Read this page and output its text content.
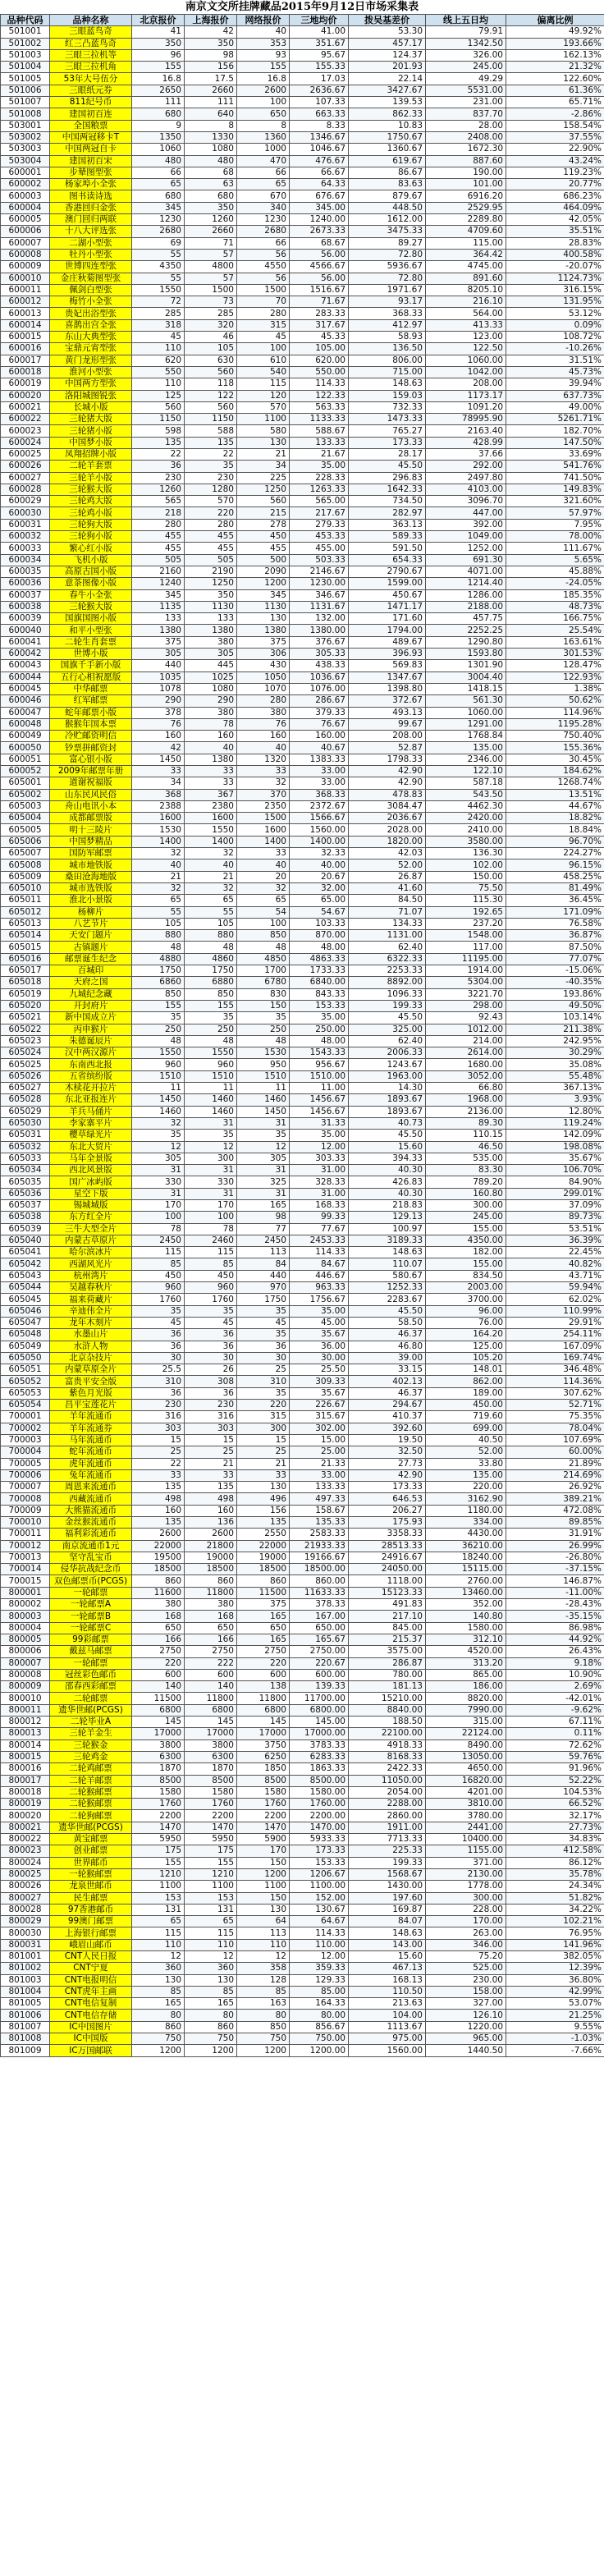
南京文交所挂牌藏品2015年9月12日市场采集表
品种代码	品种名称	北京报价	上海报价	网络报价	三地均价	拨吴基差价	线上五日均	偏离比例
501001	三眼蓝鸟奇	41	42	40	41.00	53.30	79.91	49.92%
501002	红三凸蓝鸟奇	350	350	353	351.67	457.17	1342.50	193.66%
501003	三眼三拉机等	96	98	93	95.67	124.37	326.00	162.13%
501004	三眼三拉机角	155	156	155	155.33	201.93	245.00	21.32%
501005	53年大号伍分	16.8	17.5	16.8	17.03	22.14	49.29	122.60%
501006	三眼纸元券	2650	2660	2600	2636.67	3427.67	5531.00	61.36%
501007	811纪号币	111	111	100	107.33	139.53	231.00	65.71%
501008	建国初百连	680	640	650	663.33	862.33	837.70	-2.86%
503001	全国粮票	9	8	8	8.33	10.83	28.00	158.54%
503002	中国两冠移卡T	1350	1330	1360	1346.67	1750.67	2408.00	37.55%
503003	中国两冠自卡	1060	1080	1000	1046.67	1360.67	1672.30	22.90%
503004	建国初百宋	480	480	470	476.67	619.67	887.60	43.24%
600001	步辇图型张	66	68	66	66.67	86.67	190.00	119.23%
600002	杨家埠小全张	65	63	65	64.33	83.63	101.00	20.77%
600003	图书读诗选	680	680	670	676.67	879.67	6916.20	686.23%
600004	香港回归金张	345	350	340	345.00	448.50	2529.95	464.09%
600005	澳门回归两联	1230	1260	1230	1240.00	1612.00	2289.80	42.05%
600006	十八大评选张	2680	2660	2680	2673.33	3475.33	4709.60	35.51%
600007	二湖小型张	69	71	66	68.67	89.27	115.00	28.83%
600008	牡丹小型张	55	57	56	56.00	72.80	364.42	400.58%
600009	世博四连型张	4350	4800	4550	4566.67	5936.67	4745.00	-20.07%
600010	金庄秋菊图型张	55	57	56	56.00	72.80	891.60	1124.73%
600011	佩剑白型张	1550	1500	1500	1516.67	1971.67	8205.10	316.15%
600012	梅竹小全张	72	73	70	71.67	93.17	216.10	131.95%
600013	贵妃出浴型张	285	285	280	283.33	368.33	564.00	53.12%
600014	喜鹊出宫全张	318	320	315	317.67	412.97	413.33	0.09%
600015	东山大典型张	45	46	45	45.33	58.93	123.00	108.72%
600016	宝鼎元宵型张	110	105	100	105.00	136.50	122.50	-10.26%
600017	黄门龙形型张	620	630	610	620.00	806.00	1060.00	31.51%
600018	淮河小型张	550	560	540	550.00	715.00	1042.00	45.73%
600019	中国两方型张	110	118	115	114.33	148.63	208.00	39.94%
600020	洛阳城图锐张	125	122	120	122.33	159.03	1173.17	637.73%
600021	长城小版	560	560	570	563.33	732.33	1091.20	49.00%
600022	三轮猪大版	1150	1150	1100	1133.33	1473.33	78995.90	5261.71%
600023	三轮猪小版	598	588	580	588.67	765.27	2163.40	182.70%
600024	中国梦小版	135	135	130	133.33	173.33	428.99	147.50%
600025	凤翔招牌小版	22	22	21	21.67	28.17	37.66	33.69%
600026	二轮羊套票	36	35	34	35.00	45.50	292.00	541.76%
600027	三轮羊小版	230	230	225	228.33	296.83	2497.80	741.50%
600028	三轮猴大版	1260	1280	1250	1263.33	1642.33	4103.00	149.83%
600029	三轮鸡大版	565	570	560	565.00	734.50	3096.70	321.60%
600030	三轮鸡小版	218	220	215	217.67	282.97	447.00	57.97%
600031	三轮狗大版	280	280	278	279.33	363.13	392.00	7.95%
600032	三轮狗小版	455	455	450	453.33	589.33	1049.00	78.00%
600033	繁心红小版	455	455	455	455.00	591.50	1252.00	111.67%
600034	飞机小版	505	505	500	503.33	654.33	691.30	5.65%
600035	高原古国小版	2160	2190	2090	2146.67	2790.67	4071.00	45.88%
600036	意茶图像小版	1240	1250	1200	1230.00	1599.00	1214.40	-24.05%
600037	春牛小全张	345	350	345	346.67	450.67	1286.00	185.35%
600038	三轮猴大版	1135	1130	1130	1131.67	1471.17	2188.00	48.73%
600039	国旗国图小版	133	133	130	132.00	171.60	457.75	166.75%
600040	和平小型张	1380	1380	1380	1380.00	1794.00	2252.25	25.54%
600041	二轮生肖套票	375	380	375	376.67	489.67	1290.80	163.61%
600042	世博小版	305	305	306	305.33	396.93	1593.80	301.53%
600043	国旗千手新小版	440	445	430	438.33	569.83	1301.90	128.47%
600044	五行心相祝愿版	1035	1025	1050	1036.67	1347.67	3004.40	122.93%
600045	中华邮票	1078	1080	1070	1076.00	1398.80	1418.15	1.38%
600046	红军邮票	290	290	280	286.67	372.67	561.30	50.62%
600047	蛇年邮票小版	378	380	380	379.33	493.13	1060.00	114.96%
600048	猴猴年国本票	76	78	76	76.67	99.67	1291.00	1195.28%
600049	冷贮邮资明信	160	160	160	160.00	208.00	1768.84	750.40%
600050	钞票拼邮资封	42	40	40	40.67	52.87	135.00	155.36%
600051	富心银小版	1450	1380	1320	1383.33	1798.33	2346.00	30.45%
600052	2009年邮票年册	33	33	33	33.00	42.90	122.10	184.62%
605001	道谢祝福版	34	33	32	33.00	42.90	587.18	1268.74%
605002	山东民风民俗	368	367	370	368.33	478.83	543.50	13.51%
605003	舟山电讯小本	2388	2380	2350	2372.67	3084.47	4462.30	44.67%
605004	成都邮票版	1600	1600	1500	1566.67	2036.67	2420.00	18.82%
605005	明十三陵片	1530	1550	1600	1560.00	2028.00	2410.00	18.84%
605006	中国梦精品	1400	1400	1400	1400.00	1820.00	3580.00	96.70%
605007	国防军邮票	32	32	33	32.33	42.03	136.30	224.27%
605008	城市地铁版	40	40	40	40.00	52.00	102.00	96.15%
605009	桑田沧海地版	21	21	20	20.67	26.87	150.00	458.25%
605010	城市选铁版	32	32	32	32.00	41.60	75.50	81.49%
605011	淮北小景版	65	65	65	65.00	84.50	115.30	36.45%
605012	杨柳片	55	55	54	54.67	71.07	192.65	171.09%
605013	八艺节片	105	105	100	103.33	134.33	237.20	76.58%
605014	天安门题片	880	880	850	870.00	1131.00	1548.00	36.87%
605015	古镇题片	48	48	48	48.00	62.40	117.00	87.50%
605016	邮票诞生纪念	4880	4860	4850	4863.33	6322.33	11195.00	77.07%
605017	百城印	1750	1750	1700	1733.33	2253.33	1914.00	-15.06%
605018	天府之国	6860	6880	6780	6840.00	8892.00	5304.00	-40.35%
605019	九城纪念藏	850	850	830	843.33	1096.33	3221.70	193.86%
605020	开封府片	155	155	150	153.33	199.33	298.00	49.50%
605021	新中国成立片	35	35	35	35.00	45.50	92.43	103.14%
605022	丙申猴片	250	250	250	250.00	325.00	1012.00	211.38%
605023	朱德诞辰片	48	48	48	48.00	62.40	214.00	242.95%
605024	汉中两汉源片	1550	1550	1530	1543.33	2006.33	2614.00	30.29%
605025	东南西北报	960	960	950	956.67	1243.67	1680.00	35.08%
605026	五省缤纷版	1510	1510	1510	1510.00	1963.00	3052.00	55.48%
605027	木椟花开拉片	11	11	11	11.00	14.30	66.80	367.13%
605028	东北亚报连片	1450	1460	1460	1456.67	1893.67	1968.00	3.93%
605029	羊兵马俑片	1460	1460	1450	1456.67	1893.67	2136.00	12.80%
605030	李家寨平片	32	31	31	31.33	40.73	89.30	119.24%
605031	樱草绿光片	35	35	35	35.00	45.50	110.15	142.09%
605032	东北大贸片	12	12	12	12.00	15.60	46.50	198.08%
605033	马年全景版	305	300	305	303.33	394.33	535.00	35.67%
605034	西北风景版	31	31	31	31.00	40.30	83.30	106.70%
605035	国广冰屿版	330	330	325	328.33	426.83	789.20	84.90%
605036	星空下版	31	31	31	31.00	40.30	160.80	299.01%
605037	锡城城版	170	170	165	168.33	218.83	300.00	37.09%
605038	东方红全片	100	100	98	99.33	129.13	245.00	89.73%
605039	三牛大型全片	78	78	77	77.67	100.97	155.00	53.51%
605040	内蒙古草原片	2450	2460	2450	2453.33	3189.33	4350.00	36.39%
605041	哈尔滨冰片	115	115	113	114.33	148.63	182.00	22.45%
605042	西湖风光片	85	85	84	84.67	110.07	155.00	40.82%
605043	杭州湾片	450	450	440	446.67	580.67	834.50	43.71%
605044	吴越春秋片	960	960	970	963.33	1252.33	2003.00	59.94%
605045	福来荷藏片	1760	1760	1750	1756.67	2283.67	3700.00	62.02%
605046	辛迪伟全片	35	35	35	35.00	45.50	96.00	110.99%
605047	龙年木刻片	45	45	45	45.00	58.50	76.00	29.91%
605048	水墨山片	36	36	35	35.67	46.37	164.20	254.11%
605049	水浒人物	36	36	36	36.00	46.80	125.00	167.09%
605050	北京杂技片	30	30	30	30.00	39.00	105.20	169.74%
605051	内蒙草原全片	25.5	26	25	25.50	33.15	148.01	346.48%
605052	富贵平安全版	310	308	310	309.33	402.13	862.00	114.36%
605053	紫色月光版	36	36	35	35.67	46.37	189.00	307.62%
605054	昌平宝莲花片	230	230	220	226.67	294.67	450.00	52.71%
700001	羊年流通币	316	316	315	315.67	410.37	719.60	75.35%
700002	羊年流通券	303	303	300	302.00	392.60	699.00	78.04%
700003	马年流通币	15	15	15	15.00	19.50	40.50	107.69%
700004	蛇年流通币	25	25	25	25.00	32.50	52.00	60.00%
700005	虎年流通币	22	21	21	21.33	27.73	33.80	21.89%
700006	兔年流通币	33	33	33	33.00	42.90	135.00	214.69%
700007	周恩来流通币	135	135	130	133.33	173.33	220.00	26.92%
700008	西藏流通币	498	498	496	497.33	646.53	3162.90	389.21%
700009	大熊猫流通币	160	160	156	158.67	206.27	1180.00	472.08%
700010	金丝猴流通币	135	136	135	135.33	175.93	334.00	89.85%
700011	福利彩流通币	2600	2600	2550	2583.33	3358.33	4430.00	31.91%
700012	南京流通币1元	22000	21800	22000	21933.33	28513.33	36210.00	26.99%
700013	坚守乱宝币	19500	19000	19000	19166.67	24916.67	18240.00	-26.80%
700014	侵华抗战纪念币	18500	18500	18500	18500.00	24050.00	15115.00	-37.15%
700015	双色邮票币(PCGS)	860	860	860	860.00	1118.00	2760.00	146.87%
800001	一轮邮票	11600	11800	11500	11633.33	15123.33	13460.00	-11.00%
800002	一轮邮票A	380	380	375	378.33	491.83	352.00	-28.43%
800003	一轮邮票B	168	168	165	167.00	217.10	140.80	-35.15%
800004	一轮邮票C	650	650	650	650.00	845.00	1580.00	86.98%
800005	99彩邮票	166	166	165	165.67	215.37	312.10	44.92%
800006	戴兹马邮票	2750	2750	2750	2750.00	3575.00	4520.00	26.43%
800007	一轮邮票	220	222	220	220.67	286.87	313.20	9.18%
800008	冠丝彩色邮币	600	600	600	600.00	780.00	865.00	10.90%
800009	邵春西彩邮票	140	140	138	139.33	181.13	186.00	2.69%
800010	二轮邮票	11500	11800	11800	11700.00	15210.00	8820.00	-42.01%
800011	遗华世邮(PCGS)	6800	6800	6800	6800.00	8840.00	7990.00	-9.62%
800012	二轮毕业A	145	145	145	145.00	188.50	315.00	67.11%
800013	三轮羊金生	17000	17000	17000	17000.00	22100.00	22124.00	0.11%
800014	三轮猴金	3800	3800	3750	3783.33	4918.33	8490.00	72.62%
800015	三轮鸡金	6300	6300	6250	6283.33	8168.33	13050.00	59.76%
800016	二轮鸡邮票	1870	1870	1850	1863.33	2422.33	4650.00	91.96%
800017	二轮羊邮票	8500	8500	8500	8500.00	11050.00	16820.00	52.22%
800018	二轮猴邮票	1580	1580	1580	1580.00	2054.00	4201.00	104.53%
800019	二轮猴邮票	1760	1760	1760	1760.00	2288.00	3810.00	66.52%
800020	二轮狗邮票	2200	2200	2200	2200.00	2860.00	3780.00	32.17%
800021	遗华世邮(PCGS)	1470	1470	1470	1470.00	1911.00	2441.00	27.73%
800022	黄宝邮票	5950	5950	5900	5933.33	7713.33	10400.00	34.83%
800023	创业邮票	175	175	170	173.33	225.33	1155.00	412.58%
800024	世界邮币	155	155	150	153.33	199.33	371.00	86.12%
800025	一轮猴邮票	1210	1210	1200	1206.67	1568.67	2130.00	35.78%
800026	龙泉世邮币	1100	1100	1100	1100.00	1430.00	1778.00	24.34%
800027	民生邮票	153	153	150	152.00	197.60	300.00	51.82%
800028	97香港邮币	131	131	130	130.67	169.87	228.00	34.22%
800029	99澳门邮票	65	65	64	64.67	84.07	170.00	102.21%
800030	上海银行邮票	115	115	113	114.33	148.63	263.00	76.95%
800031	峨眉山邮币	110	110	110	110.00	143.00	346.00	141.96%
801001	CNT人民日报	12	12	12	12.00	15.60	75.20	382.05%
801002	CNT宁夏	360	360	358	359.33	467.13	525.00	12.39%
801003	CNT电报明信	130	130	128	129.33	168.13	230.00	36.80%
801004	CNT虎年主画	85	85	85	85.00	110.50	158.00	42.99%
801005	CNT电信复制	165	165	163	164.33	213.63	327.00	53.07%
801006	CNT电信存储	80	80	80	80.00	104.00	126.10	21.25%
801007	IC中国图片	860	860	850	856.67	1113.67	1220.00	9.55%
801008	IC中国版	750	750	750	750.00	975.00	965.00	-1.03%
801009	IC万国邮联	1200	1200	1200	1200.00	1560.00	1440.50	-7.66%
